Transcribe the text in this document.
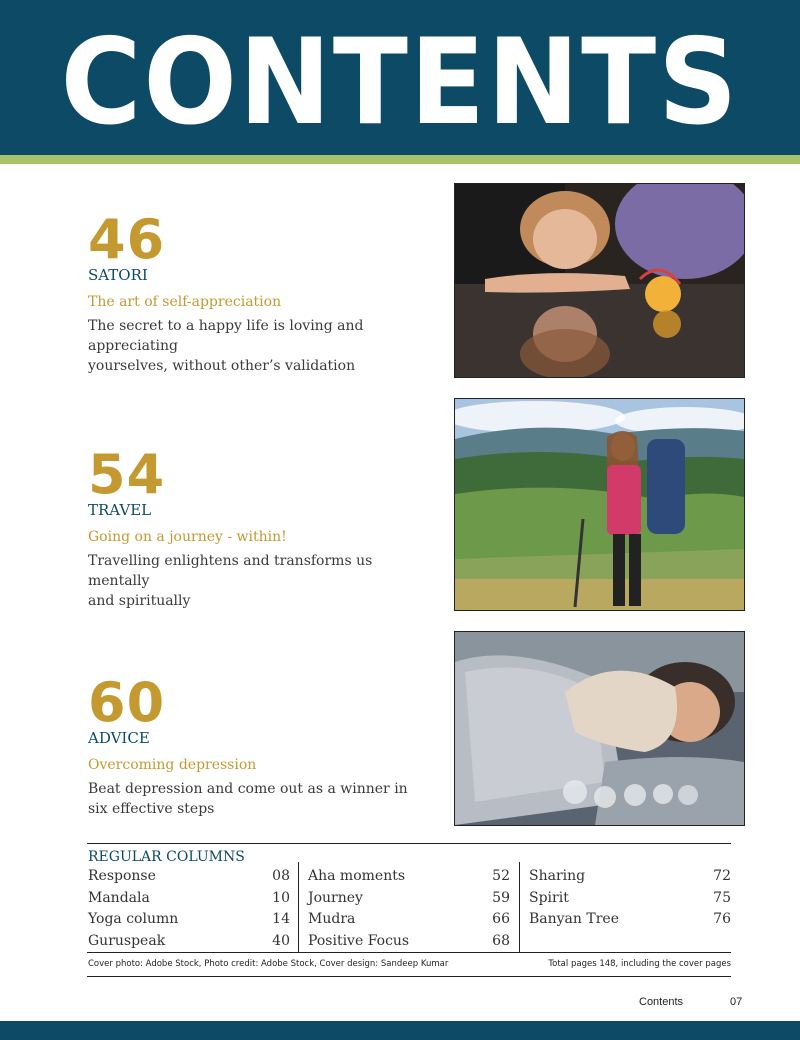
CONTENTS
46
SATORI
The art of self-appreciation
The secret to a happy life is loving and appreciating
yourselves, without other’s validation
54
TRAVEL
Going on a journey - within!
Travelling enlightens and transforms us mentally
and spiritually
60
ADVICE
Overcoming depression
Beat depression and come out as a winner in
six effective steps
REGULAR COLUMNS
Response	08
Mandala	10
Yoga column	14
Guruspeak	40
Aha moments	52
Journey	59
Mudra	66
Positive Focus	68
Sharing	72
Spirit	75
Banyan Tree	76
Cover photo: Adobe Stock, Photo credit: Adobe Stock, Cover design: Sandeep Kumar	Total pages 148, including the cover pages
Contents	07
